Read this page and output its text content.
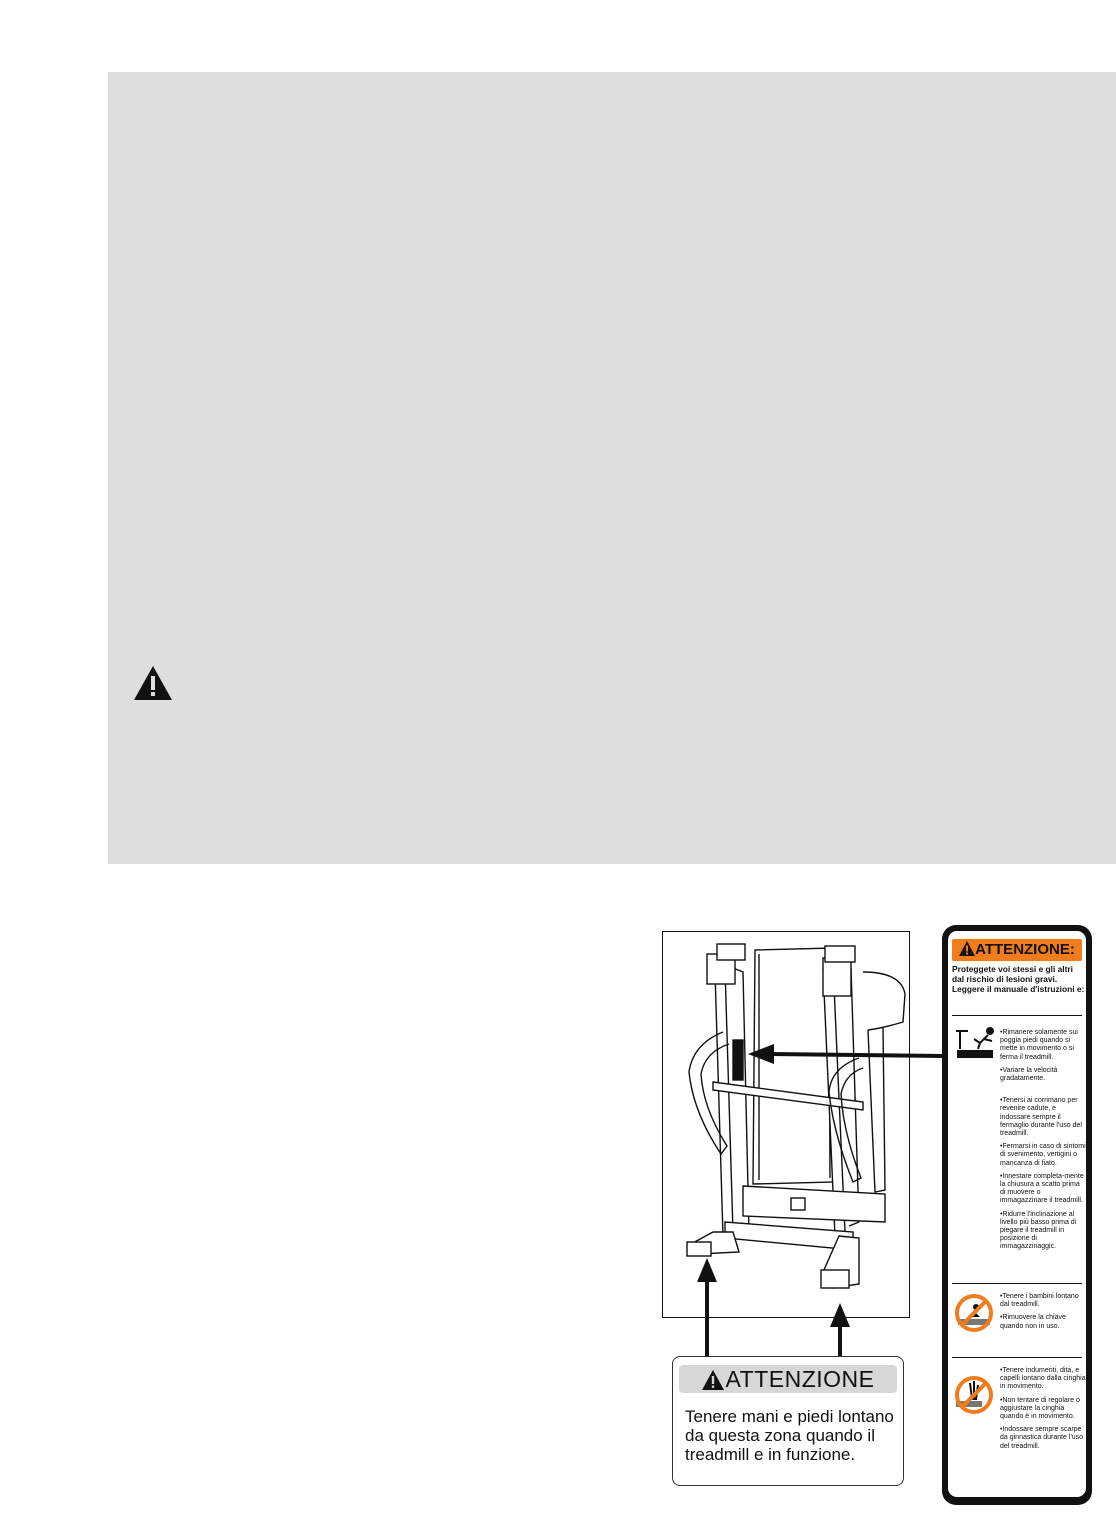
ATTENZIONE
Tenere mani e piedi lontano da questa zona quando il treadmill e in funzione.
ATTENZIONE:
Proteggete voi stessi e gli altri dal rischio di lesioni gravi. Leggere il manuale d'istruzioni e:
•Rimanere solamente sui poggia piedi quando si mette in movimento o si ferma il treadmill.
•Variare la velocità gradatamente.
•Tenersi ai corrimano per revenire cadute, e indossare sempre il fermaglio durante l'uso del treadmill.
•Fermarsi in caso di sintomi di svenimento, vertigini o mancanza di fiato.
•Innestare completa-mente la chiusura a scatto prima di muovere o immagazzinare il treadmill.
•Ridurre l'inclinazione al livello più basso prima di piegare il treadmill in posizione di immagazzinaggic.
•Tenere i bambini lontano dal treadmill.
•Rimuovere la chiave quando non in uso.
•Tenere indumenti, dita, e capelli lontano dalla cinghia in movimento.
•Non tentare di regolare o aggiustare la cinghia quando è in movimento.
•Indossare sempre scarpe da ginnastica durante l'uso del treadmill.
